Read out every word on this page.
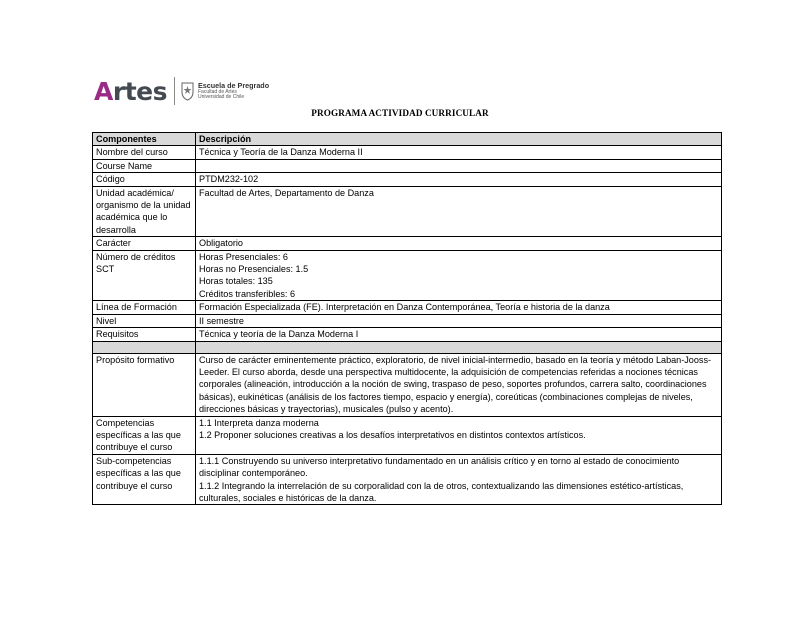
Artes	Escuela de Pregrado
Facultad de Artes
Universidad de Chile
PROGRAMA ACTIVIDAD CURRICULAR
Componentes	Descripción
Nombre del curso	Técnica y Teoría de la Danza Moderna II
Course Name	
Código	PTDM232-102
Unidad académica/ organismo de la unidad académica que lo desarrolla	Facultad de Artes, Departamento de Danza
Carácter	Obligatorio
Número de créditos SCT	Horas Presenciales: 6
Horas no Presenciales: 1.5
Horas totales: 135
Créditos transferibles: 6

Línea de Formación	Formación Especializada (FE). Interpretación en Danza Contemporánea, Teoría e historia de la danza
Nivel	II semestre
Requisitos	Técnica y teoría de la Danza Moderna I

Propósito formativo	Curso de carácter eminentemente práctico, exploratorio, de nivel inicial-intermedio, basado en la teoría y método Laban-Jooss-Leeder. El curso aborda, desde una perspectiva multidocente, la adquisición de competencias referidas a nociones técnicas corporales (alineación, introducción a la noción de swing, traspaso de peso, soportes profundos, carrera salto, coordinaciones básicas), eukinéticas (análisis de los factores tiempo, espacio y energía), coreúticas (combinaciones complejas de niveles, direcciones básicas y trayectorias), musicales (pulso y acento).
Competencias específicas a las que contribuye el curso	1.1 Interpreta danza moderna
1.2 Proponer soluciones creativas a los desafíos interpretativos en distintos contextos artísticos.

Sub-competencias específicas a las que contribuye el curso	1.1.1 Construyendo su universo interpretativo fundamentado en un análisis crítico y en torno al estado de conocimiento disciplinar contemporáneo.
1.1.2 Integrando la interrelación de su corporalidad con la de otros, contextualizando las dimensiones estético-artísticas, culturales, sociales e históricas de la danza.
